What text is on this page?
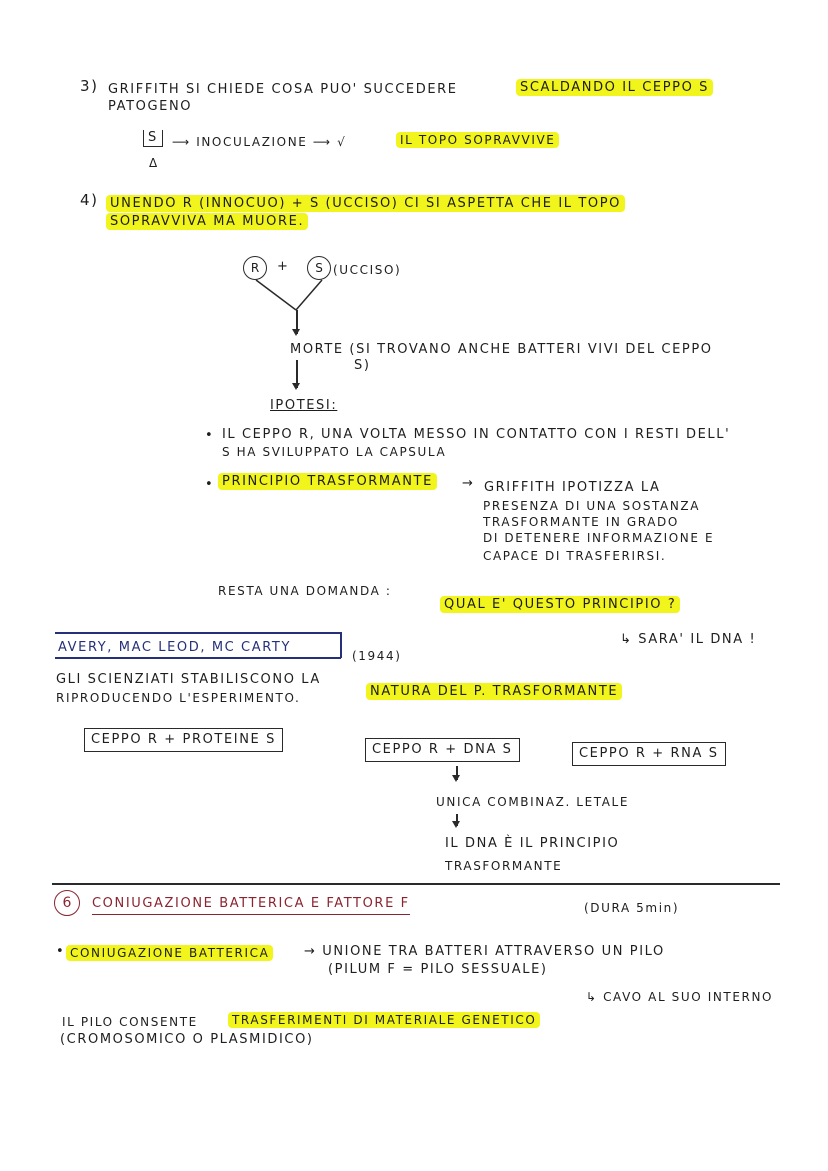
3) GRIFFITH SI CHIEDE COSA PUO' SUCCEDERE	SCALDANDO IL CEPPO S
PATOGENO
S
Δ
⟶ INOCULAZIONE ⟶ √	IL TOPO SOPRAVVIVE
4) UNENDO R (INNOCUO) + S (UCCISO) CI SI ASPETTA CHE IL TOPO
SOPRAVVIVA MA MUORE.
R	+	S (UCCISO)
MORTE (SI TROVANO ANCHE BATTERI VIVI DEL CEPPO
S)
IPOTESI:
• IL CEPPO R, UNA VOLTA MESSO IN CONTATTO CON I RESTI DELL'
S HA SVILUPPATO LA CAPSULA
• PRINCIPIO TRASFORMANTE	→ GRIFFITH IPOTIZZA LA
PRESENZA DI UNA SOSTANZA
TRASFORMANTE IN GRADO
DI DETENERE INFORMAZIONE E
CAPACE DI TRASFERIRSI.
RESTA UNA DOMANDA :
QUAL E' QUESTO PRINCIPIO ?
↳ SARA' IL DNA !
AVERY, MAC LEOD, MC CARTY
(1944)
GLI SCIENZIATI STABILISCONO LA
NATURA DEL P. TRASFORMANTE
RIPRODUCENDO L'ESPERIMENTO.
CEPPO R + PROTEINE S
CEPPO R + DNA S	CEPPO R + RNA S
UNICA COMBINAZ. LETALE
IL DNA È IL PRINCIPIO
TRASFORMANTE
6	CONIUGAZIONE BATTERICA E FATTORE F	(DURA 5min)
• CONIUGAZIONE BATTERICA	→ UNIONE TRA BATTERI ATTRAVERSO UN PILO
(PILUM F = PILO SESSUALE)
↳ CAVO AL SUO INTERNO
IL PILO CONSENTE	TRASFERIMENTI DI MATERIALE GENETICO
(CROMOSOMICO O PLASMIDICO)
